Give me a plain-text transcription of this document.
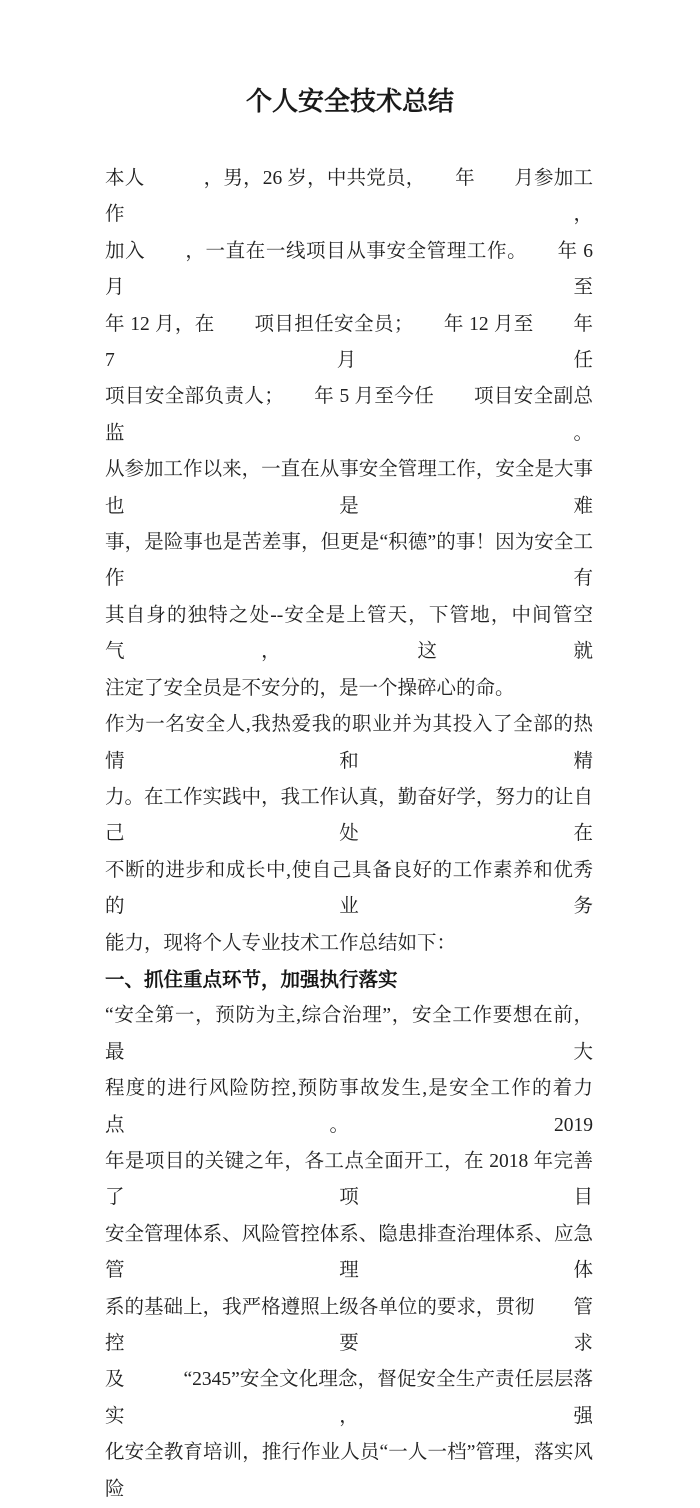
个人安全技术总结
本人　　　，男，26 岁，中共党员，　　年　　月参加工作，
加入　　，一直在一线项目从事安全管理工作。　　年 6 月至
年 12 月，在　　项目担任安全员；　　年 12 月至　　年 7 月任
项目安全部负责人；　　年 5 月至今任　　项目安全副总监。
从参加工作以来，一直在从事安全管理工作，安全是大事也是难
事，是险事也是苦差事，但更是“积德”的事！因为安全工作有
其自身的独特之处--安全是上管天，下管地，中间管空气，这就
注定了安全员是不安分的，是一个操碎心的命。
作为一名安全人,我热爱我的职业并为其投入了全部的热情和精
力。在工作实践中，我工作认真，勤奋好学，努力的让自己处在
不断的进步和成长中,使自己具备良好的工作素养和优秀的业务
能力，现将个人专业技术工作总结如下：
一、抓住重点环节，加强执行落实
“安全第一，预防为主,综合治理”，安全工作要想在前，最大
程度的进行风险防控,预防事故发生,是安全工作的着力点。2019
年是项目的关键之年，各工点全面开工，在 2018 年完善了项目
安全管理体系、风险管控体系、隐患排查治理体系、应急管理体
系的基础上，我严格遵照上级各单位的要求，贯彻　　管控要求
及　　　“2345”安全文化理念，督促安全生产责任层层落实，强
化安全教育培训，推行作业人员“一人一档”管理，落实风险
